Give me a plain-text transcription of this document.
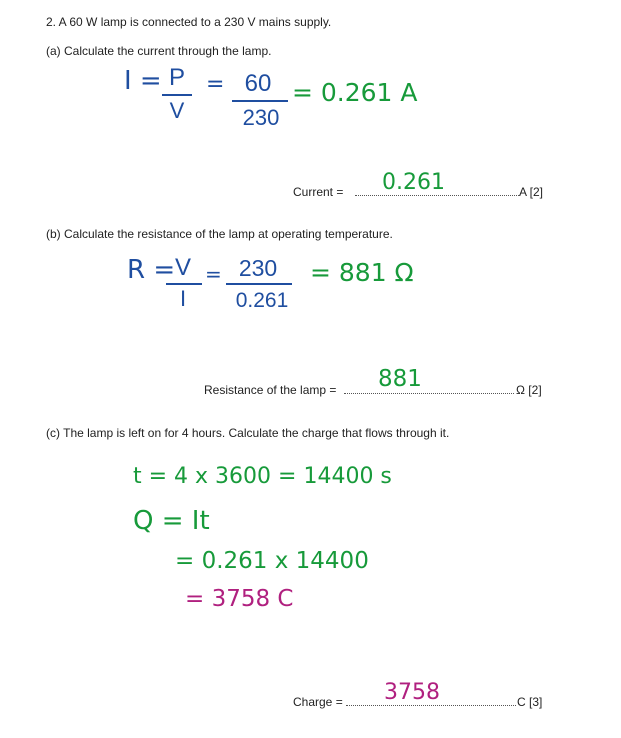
2. A 60 W lamp is connected to a 230 V mains supply.
(a) Calculate the current through the lamp.
I = P
V
= 60
230
= 0.261 A
Current = 0.261	A [2]
(b) Calculate the resistance of the lamp at operating temperature.
R = V
I
= 230
0.261
= 881 Ω
Resistance of the lamp = 881	Ω [2]
(c) The lamp is left on for 4 hours. Calculate the charge that flows through it.
t = 4 x 3600 = 14400 s
Q = It
= 0.261 x 14400
= 3758 C
Charge = 3758	C [3]
